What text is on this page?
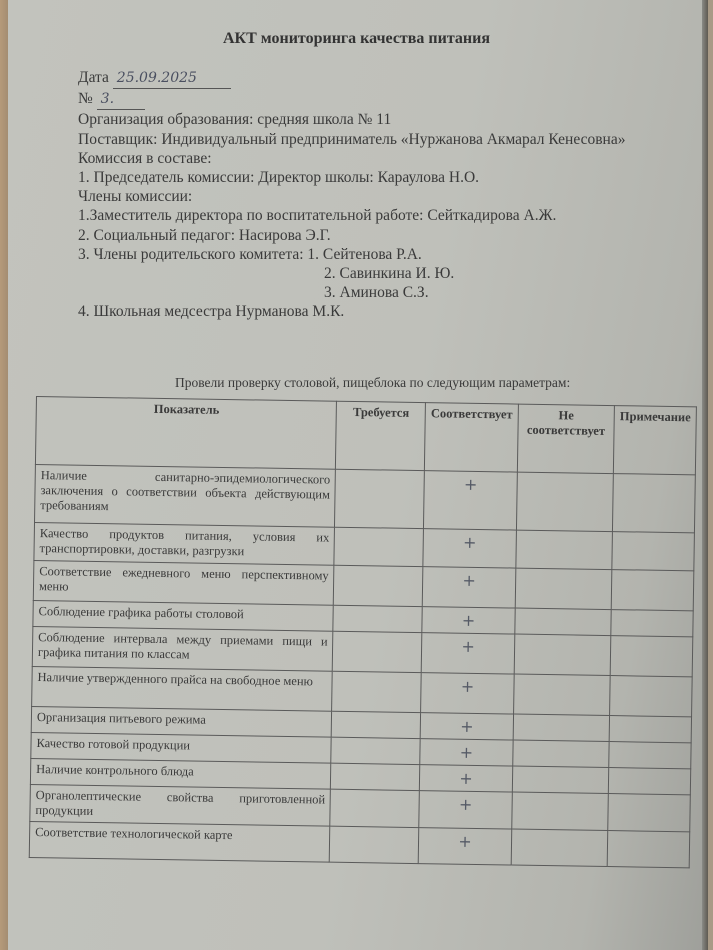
АКТ мониторинга качества питания
Дата 25.09.2025
№ 3.
Организация образования: средняя школа № 11
Поставщик: Индивидуальный предприниматель «Нуржанова Акмарал Кенесовна»
Комиссия в составе:
1. Председатель комиссии: Директор школы: Караулова Н.О.
Члены комиссии:
1.Заместитель директора по воспитательной работе: Сейткадирова А.Ж.
2. Социальный педагог: Насирова Э.Г.
3. Члены родительского комитета: 1. Сейтенова Р.А.
2. Савинкина И. Ю.
3. Аминова С.З.
4. Школьная медсестра Нурманова М.К.
Провели проверку столовой, пищеблока по следующим параметрам:
Показатель	Требуется	Соответствует	Не соответствует	Примечание
Наличие санитарно-эпидемиологического заключения о соответствии объекта действующим требованиям		+		
Качество продуктов питания, условия их транспортировки, доставки, разгрузки		+		
Соответствие ежедневного меню перспективному меню		+		
Соблюдение графика работы столовой		+		
Соблюдение интервала между приемами пищи и графика питания по классам		+		
Наличие утвержденного прайса на свободное меню		+		
Организация питьевого режима		+		
Качество готовой продукции		+		
Наличие контрольного блюда		+		
Органолептические свойства приготовленной продукции		+		
Соответствие технологической карте		+		
